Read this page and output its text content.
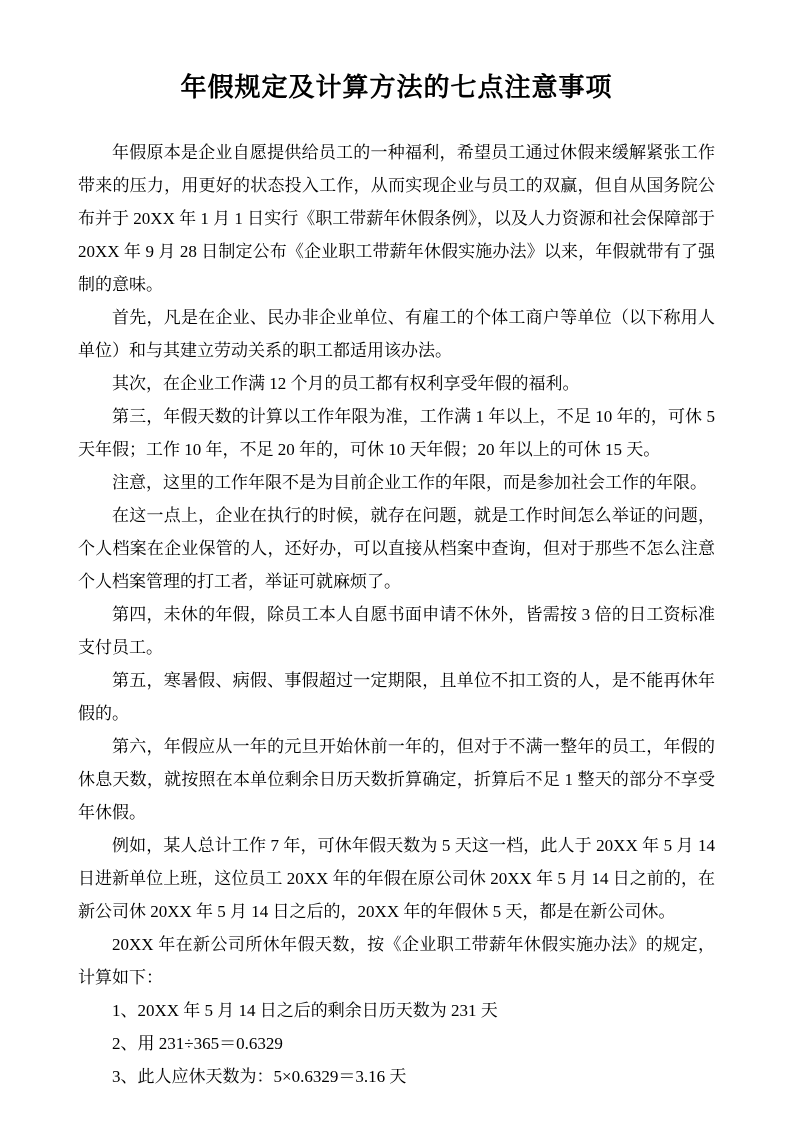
年假规定及计算方法的七点注意事项

年假原本是企业自愿提供给员工的一种福利，希望员工通过休假来缓解紧张工作带来的压力，用更好的状态投入工作，从而实现企业与员工的双赢，但自从国务院公布并于 20XX 年 1 月 1 日实行《职工带薪年休假条例》，以及人力资源和社会保障部于 20XX 年 9 月 28 日制定公布《企业职工带薪年休假实施办法》以来，年假就带有了强制的意味。

首先，凡是在企业、民办非企业单位、有雇工的个体工商户等单位（以下称用人单位）和与其建立劳动关系的职工都适用该办法。

其次，在企业工作满 12 个月的员工都有权利享受年假的福利。

第三，年假天数的计算以工作年限为准，工作满 1 年以上，不足 10 年的，可休 5 天年假；工作 10 年，不足 20 年的，可休 10 天年假；20 年以上的可休 15 天。

注意，这里的工作年限不是为目前企业工作的年限，而是参加社会工作的年限。

在这一点上，企业在执行的时候，就存在问题，就是工作时间怎么举证的问题，个人档案在企业保管的人，还好办，可以直接从档案中查询，但对于那些不怎么注意个人档案管理的打工者，举证可就麻烦了。

第四，未休的年假，除员工本人自愿书面申请不休外，皆需按 3 倍的日工资标准支付员工。

第五，寒暑假、病假、事假超过一定期限，且单位不扣工资的人，是不能再休年假的。

第六，年假应从一年的元旦开始休前一年的，但对于不满一整年的员工，年假的休息天数，就按照在本单位剩余日历天数折算确定，折算后不足 1 整天的部分不享受年休假。

例如，某人总计工作 7 年，可休年假天数为 5 天这一档，此人于 20XX 年 5 月 14 日进新单位上班，这位员工 20XX 年的年假在原公司休 20XX 年 5 月 14 日之前的，在新公司休 20XX 年 5 月 14 日之后的，20XX 年的年假休 5 天，都是在新公司休。

20XX 年在新公司所休年假天数，按《企业职工带薪年休假实施办法》的规定，计算如下：

1、20XX 年 5 月 14 日之后的剩余日历天数为 231 天

2、用 231÷365＝0.6329

3、此人应休天数为：5×0.6329＝3.16 天
